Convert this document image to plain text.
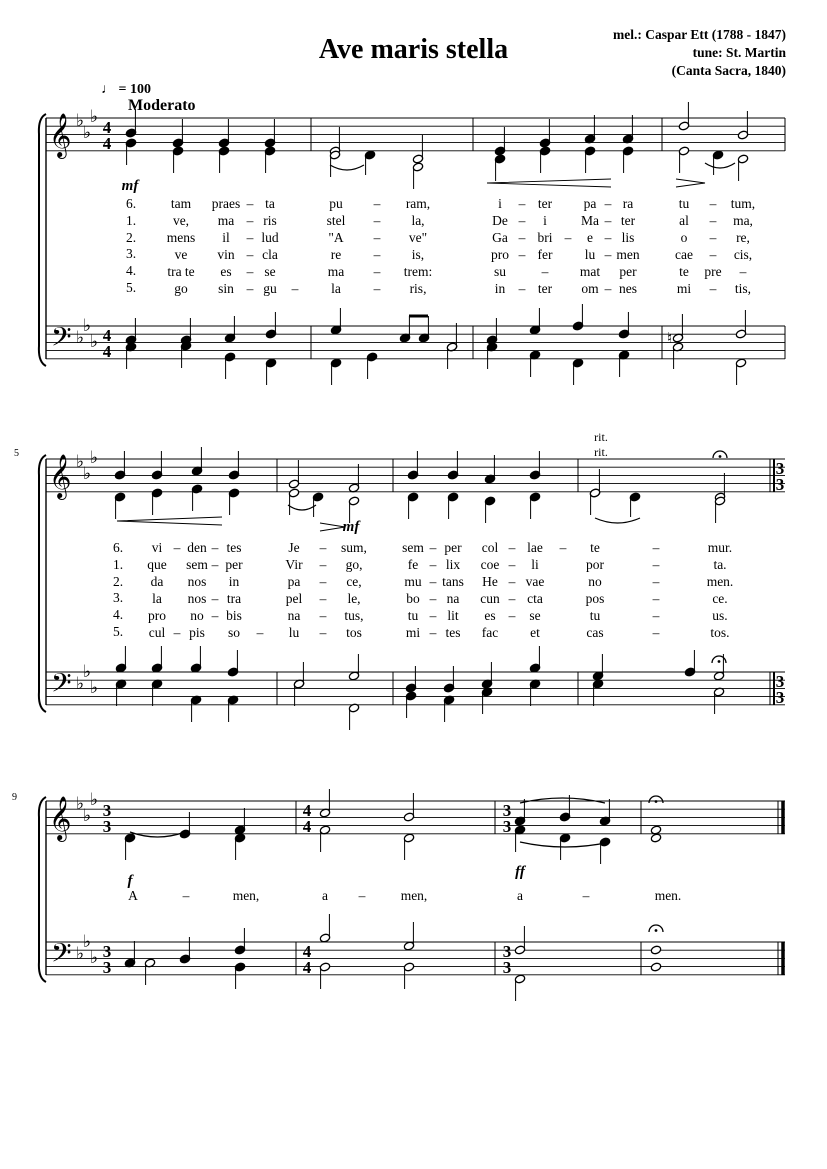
Ave maris stella	mel.: Caspar Ett (1788 - 1847)
tune: St. Martin
(Canta Sacra, 1840)
♩ = 100
Moderato
𝄞 ♭
♭
♭
4
4
𝄢 ♭
♭
♭ 4
4
♮
mf
5
𝄞 ♭
♭
♭
𝄢 ♭
♭
♭
3
3
3
3
mf
rit.
rit.
9
𝄞 ♭
♭
♭
3
3
𝄢 ♭
♭
♭ 3
3
4
4
4
4
3
3
3
3
f
ff
6.
1.
2.
3.
4.
5.
tam praes – ta	pu – ram,	i – ter pa – ra	tu – tum,
ve, ma – ris	stel – la,	De – i	Ma – ter	al – ma,
mens il – lud	"A – ve"	Ga – bri – e – lis	o – re,
ve vin – cla	re – is,	pro – fer lu – men	cae – cis,
tra te es – se	ma – trem:	su	– mat per	te pre –
go sin – gu – la – ris,	in – ter om – nes	mi – tis,
6.
1.
2.
3.
4.
5.
vi – den – tes	Je – sum,	sem – per col – lae – te	–	mur.
que sem – per	Vir – go,	fe – lix coe – li	por	–	ta.
da nos in	pa – ce,	mu – tans He – vae	no	–	men.
la nos – tra	pel – le,	bo – na cun – cta	pos	–	ce.
pro no – bis	na – tus,	tu – lit es – se	tu	–	us.
cul – pis so – lu – tos	mi – tes fac et	cas	–	tos.
A	–	men,	a –	men,	a	–	men.
